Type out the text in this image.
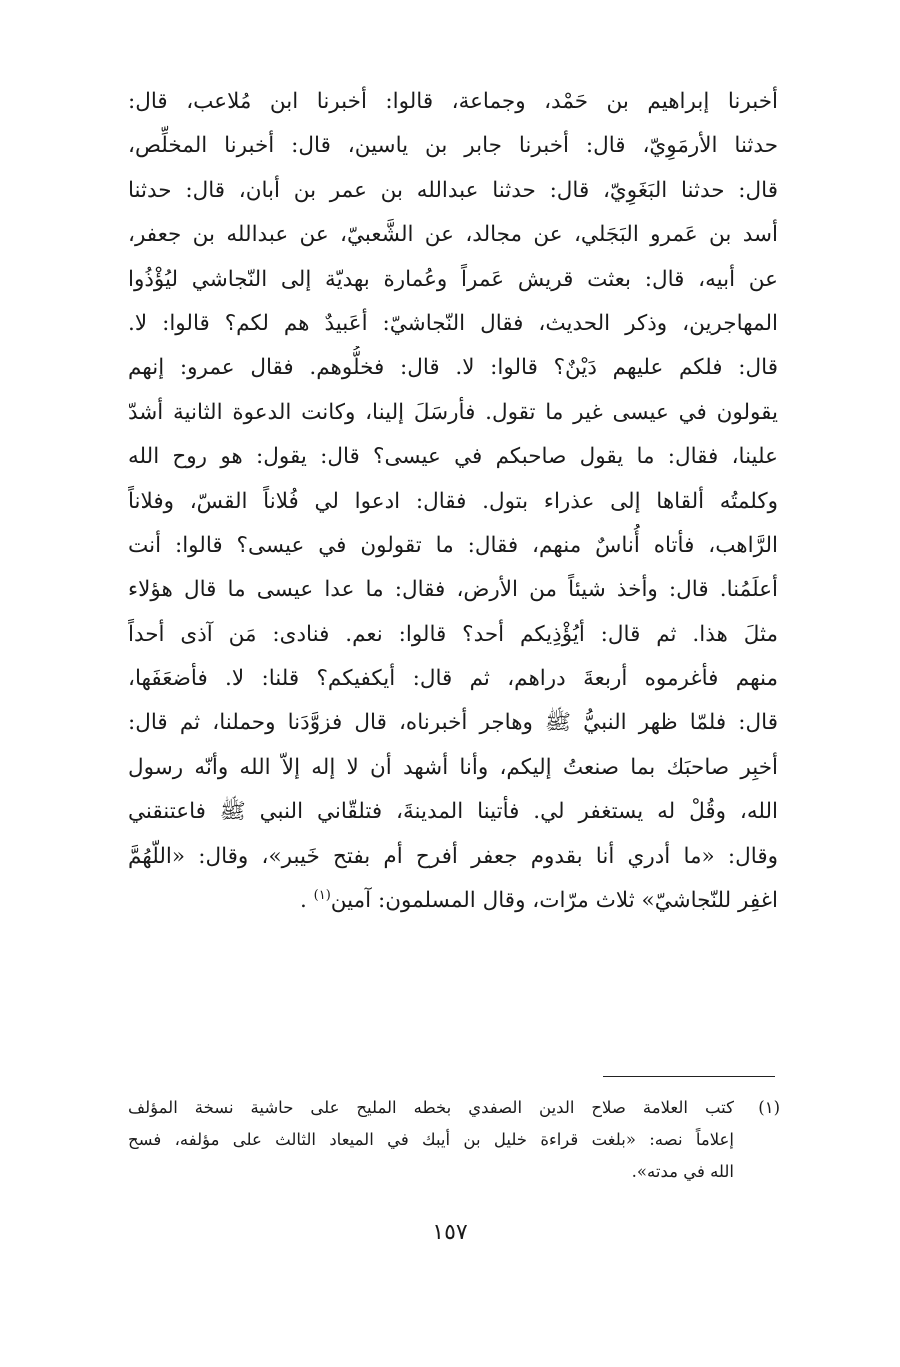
أخبرنا إبراهيم بن حَمْد، وجماعة، قالوا: أخبرنا ابن مُلاعب، قال:
حدثنا الأرمَوِيّ، قال: أخبرنا جابر بن ياسين، قال: أخبرنا المخلِّص،
قال: حدثنا البَغَوِيّ، قال: حدثنا عبدالله بن عمر بن أبان، قال: حدثنا
أسد بن عَمرو البَجَلي، عن مجالد، عن الشَّعبيّ، عن عبدالله بن جعفر،
عن أبيه، قال: بعثت قريش عَمراً وعُمارة بهديّة إلى النّجاشي ليُؤْذُوا
المهاجرين، وذكر الحديث، فقال النّجاشيّ: أعَبيدٌ هم لكم؟ قالوا: لا.
قال: فلكم عليهم دَيْنٌ؟ قالوا: لا. قال: فخلُّوهم. فقال عمرو: إنهم
يقولون في عيسى غير ما تقول. فأرسَلَ إلينا، وكانت الدعوة الثانية أشدّ
علينا، فقال: ما يقول صاحبكم في عيسى؟ قال: يقول: هو روح الله
وكلمتُه ألقاها إلى عذراء بتول. فقال: ادعوا لي فُلاناً القسّ، وفلاناً
الرَّاهب، فأتاه أُناسٌ منهم، فقال: ما تقولون في عيسى؟ قالوا: أنت
أعلَمُنا. قال: وأخذ شيئاً من الأرض، فقال: ما عدا عيسى ما قال هؤلاء
مثلَ هذا. ثم قال: أيُؤْذِيكم أحد؟ قالوا: نعم. فنادى: مَن آذى أحداً
منهم فأغرموه أربعةَ دراهم، ثم قال: أيكفيكم؟ قلنا: لا. فأضعَفَها،
قال: فلمّا ظهر النبيُّ ﷺ وهاجر أخبرناه، قال فزوَّدَنا وحملنا، ثم قال:
أخبِر صاحبَك بما صنعتُ إليكم، وأنا أشهد أن لا إله إلاّ الله وأنّه رسول
الله، وقُلْ له يستغفر لي. فأتينا المدينةَ، فتلقّاني النبي ﷺ فاعتنقني
وقال: «ما أدري أنا بقدوم جعفر أفرح أم بفتح خَيبر»، وقال: «اللّهُمَّ
اغفِر للنّجاشيّ» ثلاث مرّات، وقال المسلمون: آمين$^{(١)}$ .
(١)
كتب العلامة صلاح الدين الصفدي بخطه المليح على حاشية نسخة المؤلف
إعلاماً نصه: «بلغت قراءة خليل بن أيبك في الميعاد الثالث على مؤلفه، فسح
الله في مدته».
١٥٧
